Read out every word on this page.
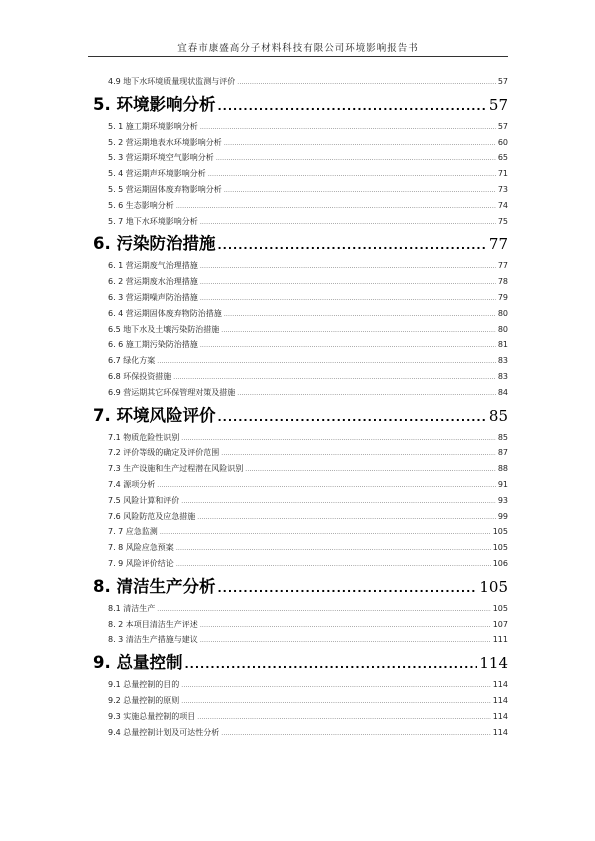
宜春市康盛高分子材料科技有限公司环境影响报告书
4.9 地下水环境质量现状监测与评价 .....	57
5. 环境影响分析 .....	57
5. 1 施工期环境影响分析 .....	57
5. 2 营运期地表水环境影响分析 .....	60
5. 3 营运期环境空气影响分析 .....	65
5. 4 营运期声环境影响分析 .....	71
5. 5 营运期固体废弃物影响分析 .....	73
5. 6 生态影响分析 .....	74
5. 7 地下水环境影响分析 .....	75
6. 污染防治措施 .....	77
6. 1 营运期废气治理措施 .....	77
6. 2 营运期废水治理措施 .....	78
6. 3 营运期噪声防治措施 .....	79
6. 4 营运期固体废弃物防治措施 .....	80
6.5 地下水及土壤污染防治措施 .....	80
6. 6 施工期污染防治措施 .....	81
6.7 绿化方案 .....	83
6.8 环保投资措施 .....	83
6.9 营运期其它环保管理对策及措施 .....	84
7. 环境风险评价 .....	85
7.1 物质危险性识别 .....	85
7.2 评价等级的确定及评价范围 .....	87
7.3 生产设施和生产过程潜在风险识别 .....	88
7.4 源项分析 .....	91
7.5 风险计算和评价 .....	93
7.6 风险防范及应急措施 .....	99
7. 7 应急监测 .....	105
7. 8 风险应急预案 .....	105
7. 9 风险评价结论 .....	106
8. 清洁生产分析 .....	105
8.1 清洁生产 .....	105
8. 2 本项目清洁生产评述 .....	107
8. 3 清洁生产措施与建议 .....	111
9. 总量控制 .....	114
9.1 总量控制的目的 .....	114
9.2 总量控制的原则 .....	114
9.3 实施总量控制的项目 .....	114
9.4 总量控制计划及可达性分析 .....	114
